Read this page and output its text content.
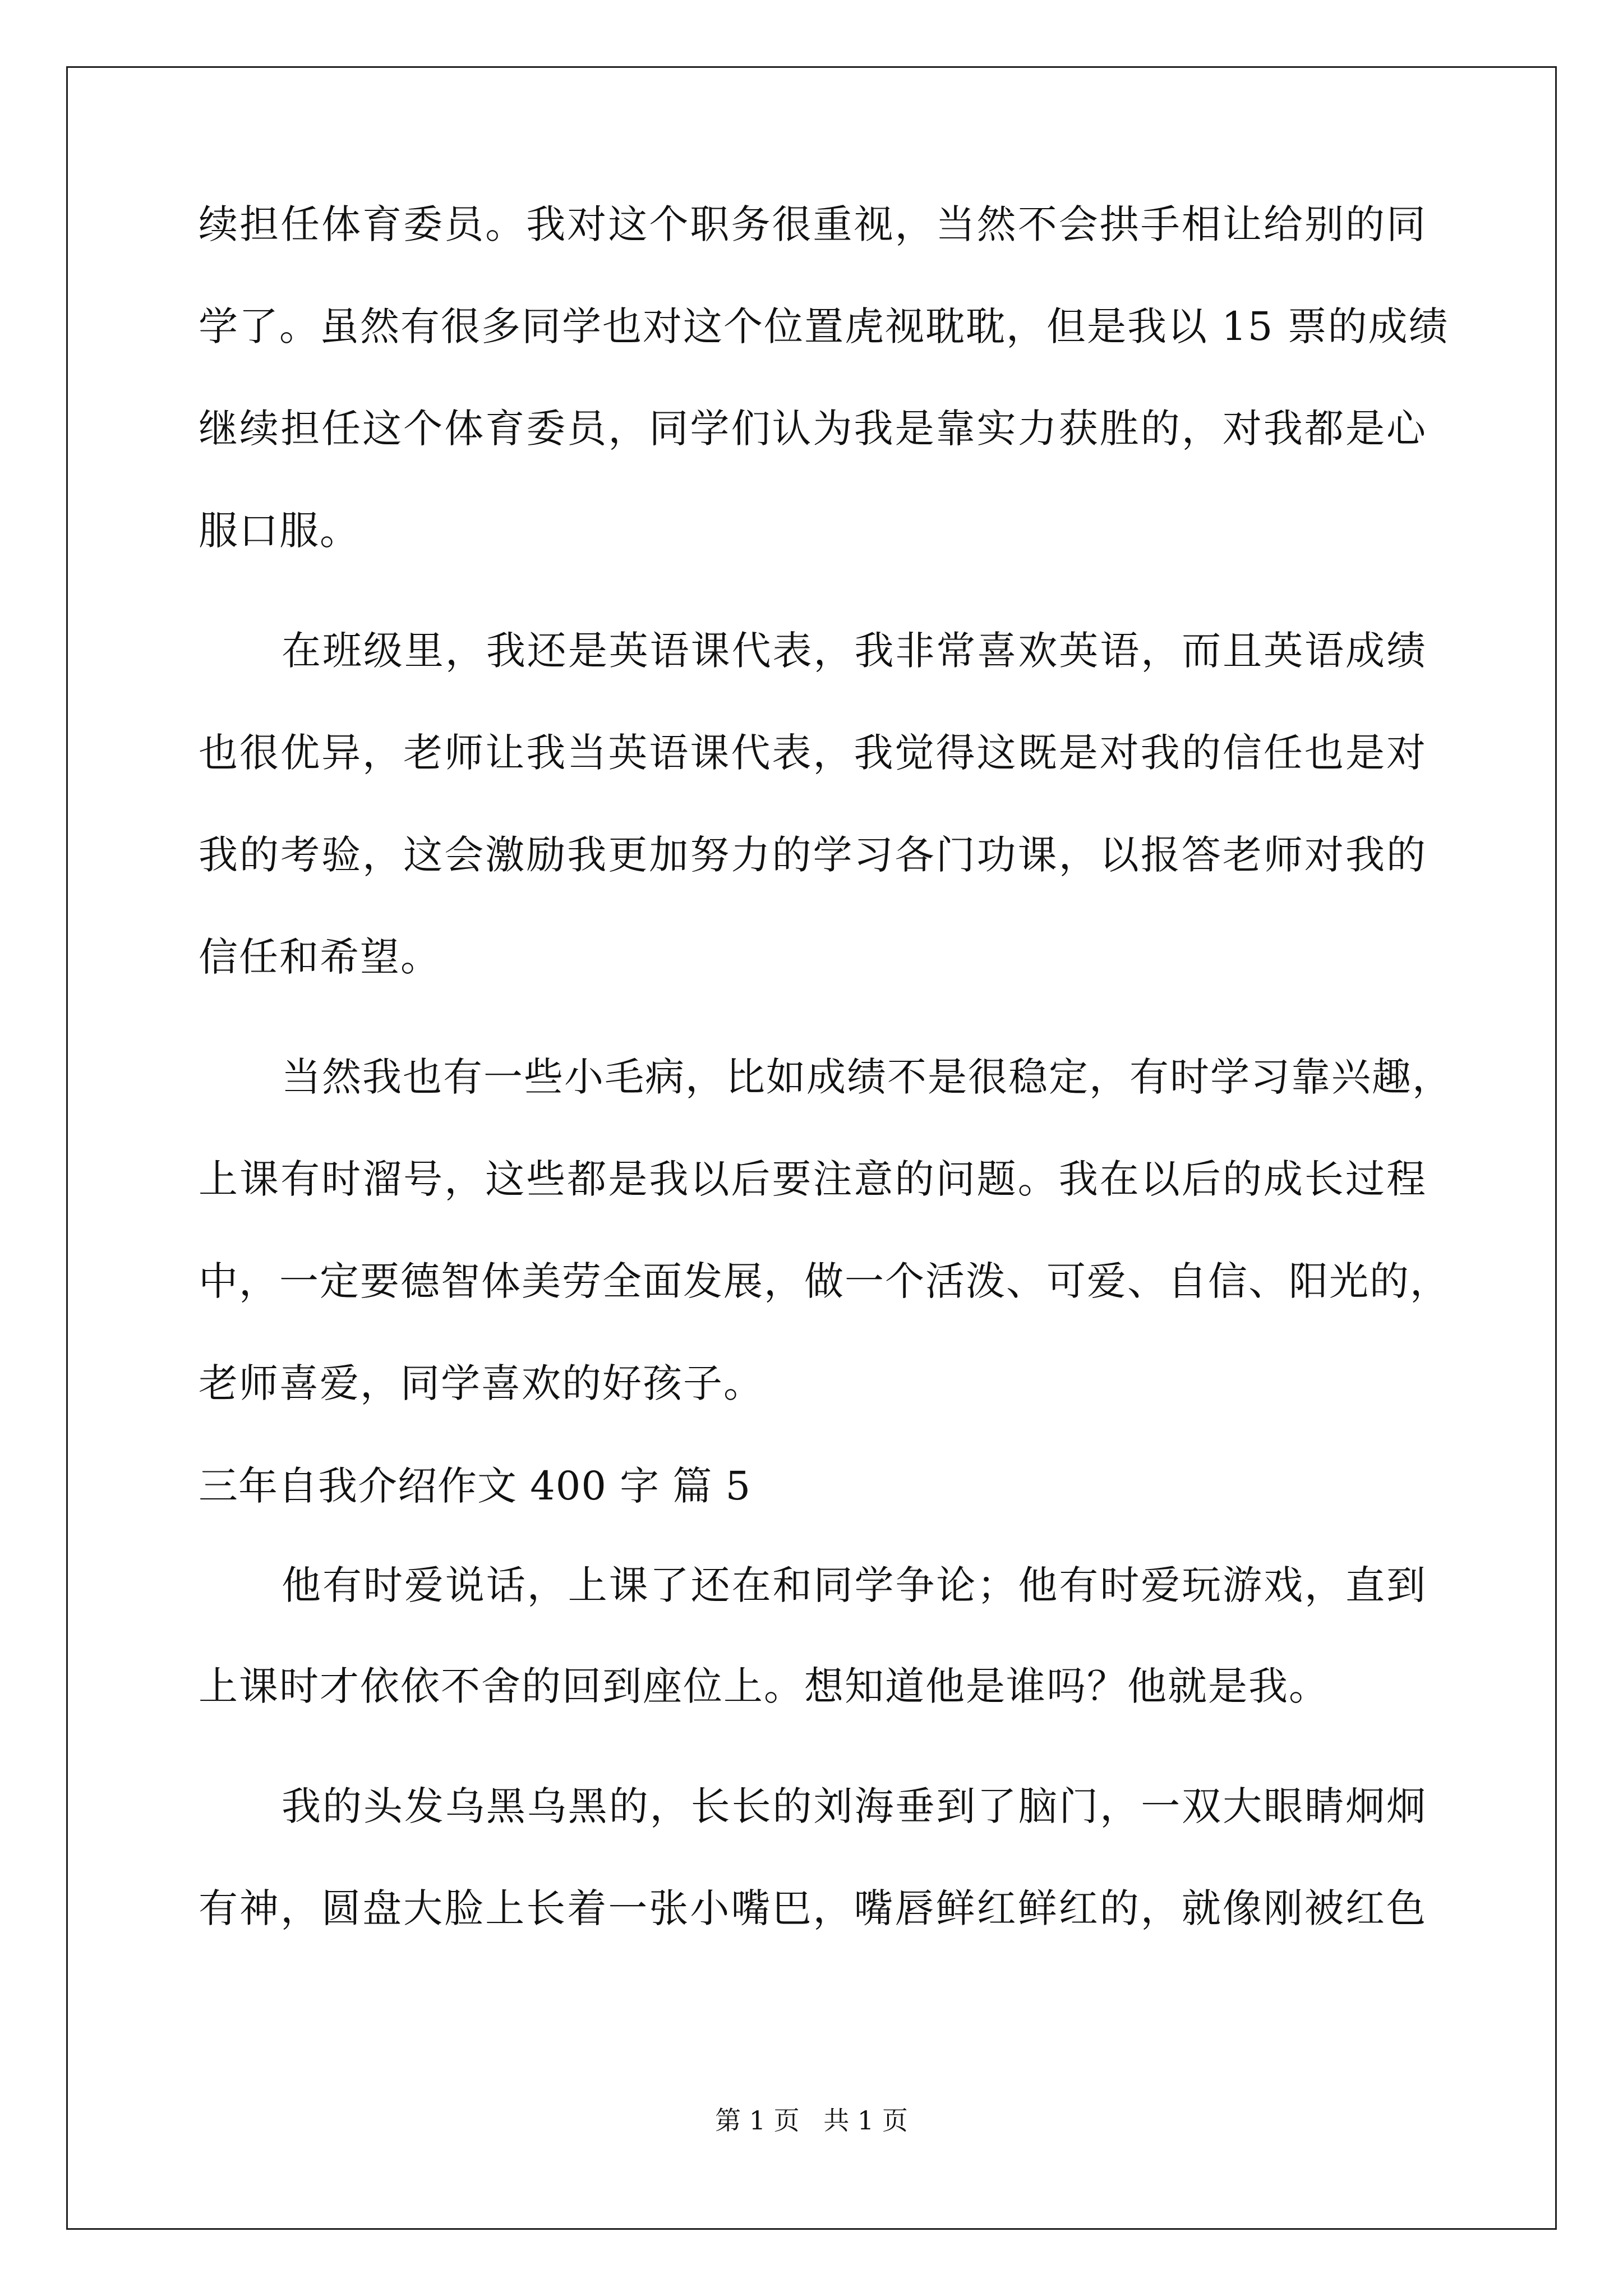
续担任体育委员。我对这个职务很重视，当然不会拱手相让给别的同
学了。虽然有很多同学也对这个位置虎视耽耽，但是我以 15 票的成绩
继续担任这个体育委员，同学们认为我是靠实力获胜的，对我都是心
服口服。
在班级里，我还是英语课代表，我非常喜欢英语，而且英语成绩
也很优异，老师让我当英语课代表，我觉得这既是对我的信任也是对
我的考验，这会激励我更加努力的学习各门功课，以报答老师对我的
信任和希望。
当然我也有一些小毛病，比如成绩不是很稳定，有时学习靠兴趣，
上课有时溜号，这些都是我以后要注意的问题。我在以后的成长过程
中，一定要德智体美劳全面发展，做一个活泼、可爱、自信、阳光的，
老师喜爱，同学喜欢的好孩子。
三年自我介绍作文 400 字 篇 5
他有时爱说话，上课了还在和同学争论；他有时爱玩游戏，直到
上课时才依依不舍的回到座位上。想知道他是谁吗？他就是我。
我的头发乌黑乌黑的，长长的刘海垂到了脑门，一双大眼睛炯炯
有神，圆盘大脸上长着一张小嘴巴，嘴唇鲜红鲜红的，就像刚被红色
第 1 页 共 1 页
